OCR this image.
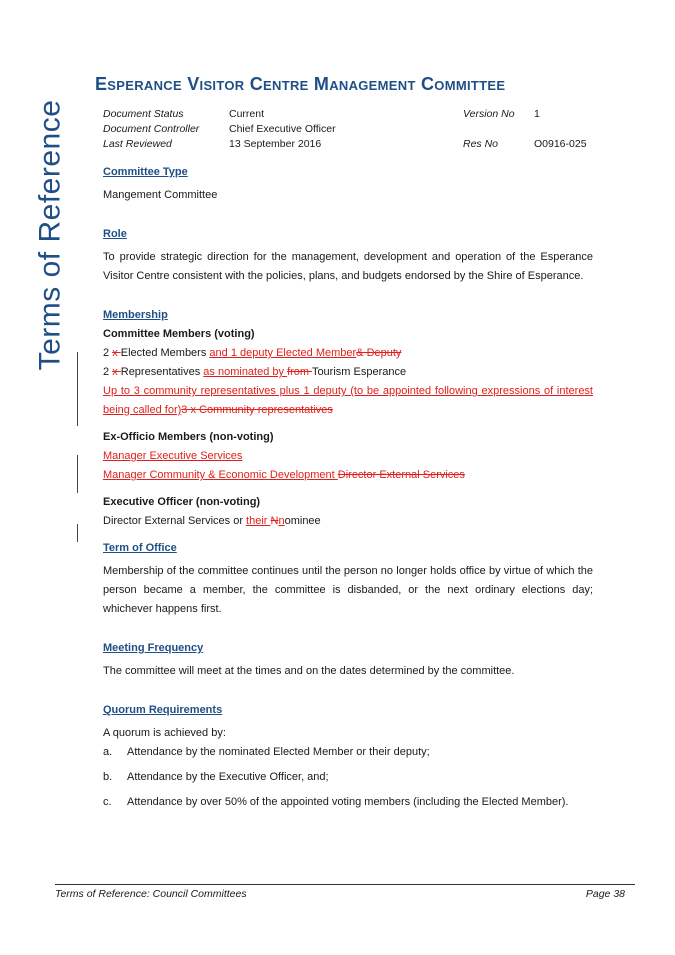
Terms of Reference
Esperance Visitor Centre Management Committee
Document Status	Current	Version No	1
Document Controller	Chief Executive Officer
Last Reviewed	13 September 2016	Res No	O0916-025

Committee Type

Mangement Committee

Role

To provide strategic direction for the management, development and operation of the Esperance Visitor Centre consistent with the policies, plans, and budgets endorsed by the Shire of Esperance.

Membership

Committee Members (voting)

2 x Elected Members and 1 deputy Elected Member& Deputy

2 x Representatives as nominated by from Tourism Esperance

Up to 3 community representatives plus 1 deputy (to be appointed following expressions of interest being called for)3 x Community representatives

Ex-Officio Members (non-voting)

Manager Executive Services

Manager Community & Economic Development Director External Services

Executive Officer (non-voting)

Director External Services or their Nnominee

Term of Office

Membership of the committee continues until the person no longer holds office by virtue of which the person became a member, the committee is disbanded, or the next ordinary elections day; whichever happens first.

Meeting Frequency

The committee will meet at the times and on the dates determined by the committee.

Quorum Requirements

A quorum is achieved by:

a.	Attendance by the nominated Elected Member or their deputy;
b.	Attendance by the Executive Officer, and;
c.	Attendance by over 50% of the appointed voting members (including the Elected Member).
Terms of Reference: Council Committees	Page 38
